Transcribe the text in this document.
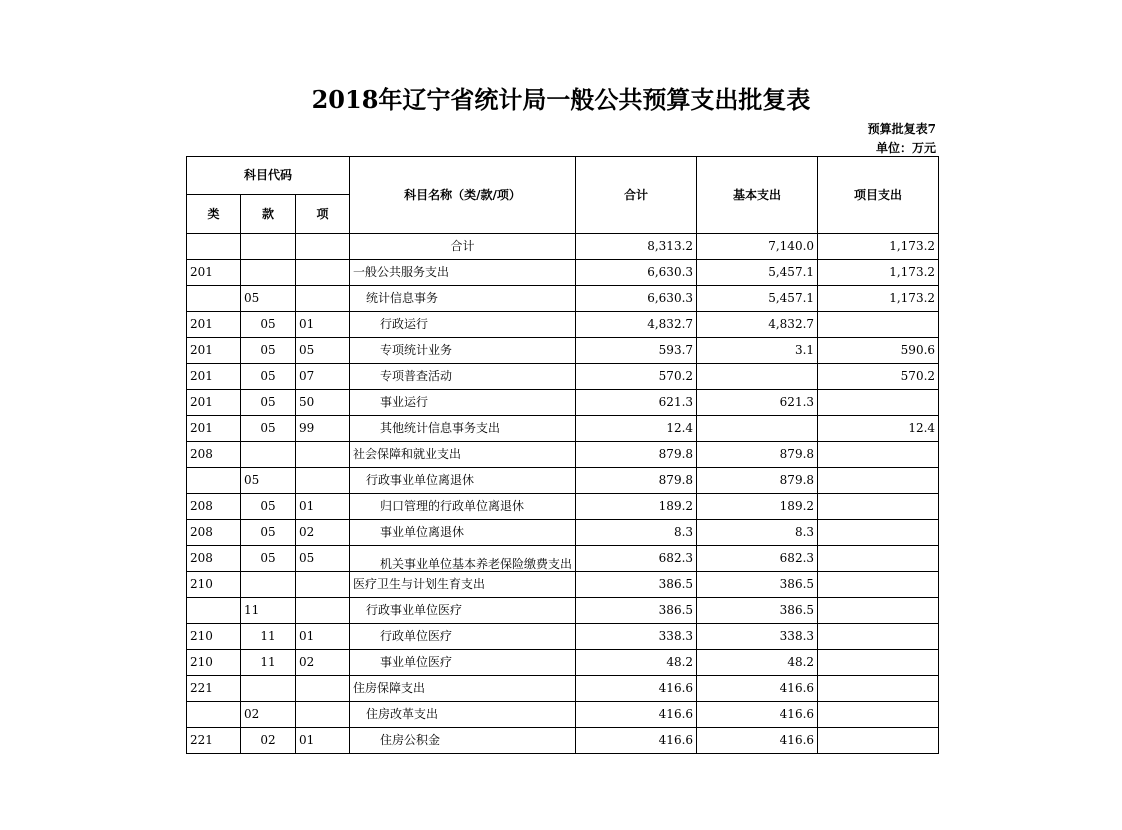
2018年辽宁省统计局一般公共预算支出批复表
预算批复表7
单位：万元
科目代码			科目名称（类/款/项）	合计	基本支出	项目支出
类	款	项				
			合计	8,313.2	7,140.0	1,173.2
201			一般公共服务支出	6,630.3	5,457.1	1,173.2
	05		统计信息事务	6,630.3	5,457.1	1,173.2
201	05	01	行政运行	4,832.7	4,832.7	
201	05	05	专项统计业务	593.7	3.1	590.6
201	05	07	专项普查活动	570.2		570.2
201	05	50	事业运行	621.3	621.3	
201	05	99	其他统计信息事务支出	12.4		12.4
208			社会保障和就业支出	879.8	879.8	
	05		行政事业单位离退休	879.8	879.8	
208	05	01	归口管理的行政单位离退休	189.2	189.2	
208	05	02	事业单位离退休	8.3	8.3	
208	05	05	机关事业单位基本养老保险缴费支出	682.3	682.3	
210			医疗卫生与计划生育支出	386.5	386.5	
	11		行政事业单位医疗	386.5	386.5	
210	11	01	行政单位医疗	338.3	338.3	
210	11	02	事业单位医疗	48.2	48.2	
221			住房保障支出	416.6	416.6	
	02		住房改革支出	416.6	416.6	
221	02	01	住房公积金	416.6	416.6	
